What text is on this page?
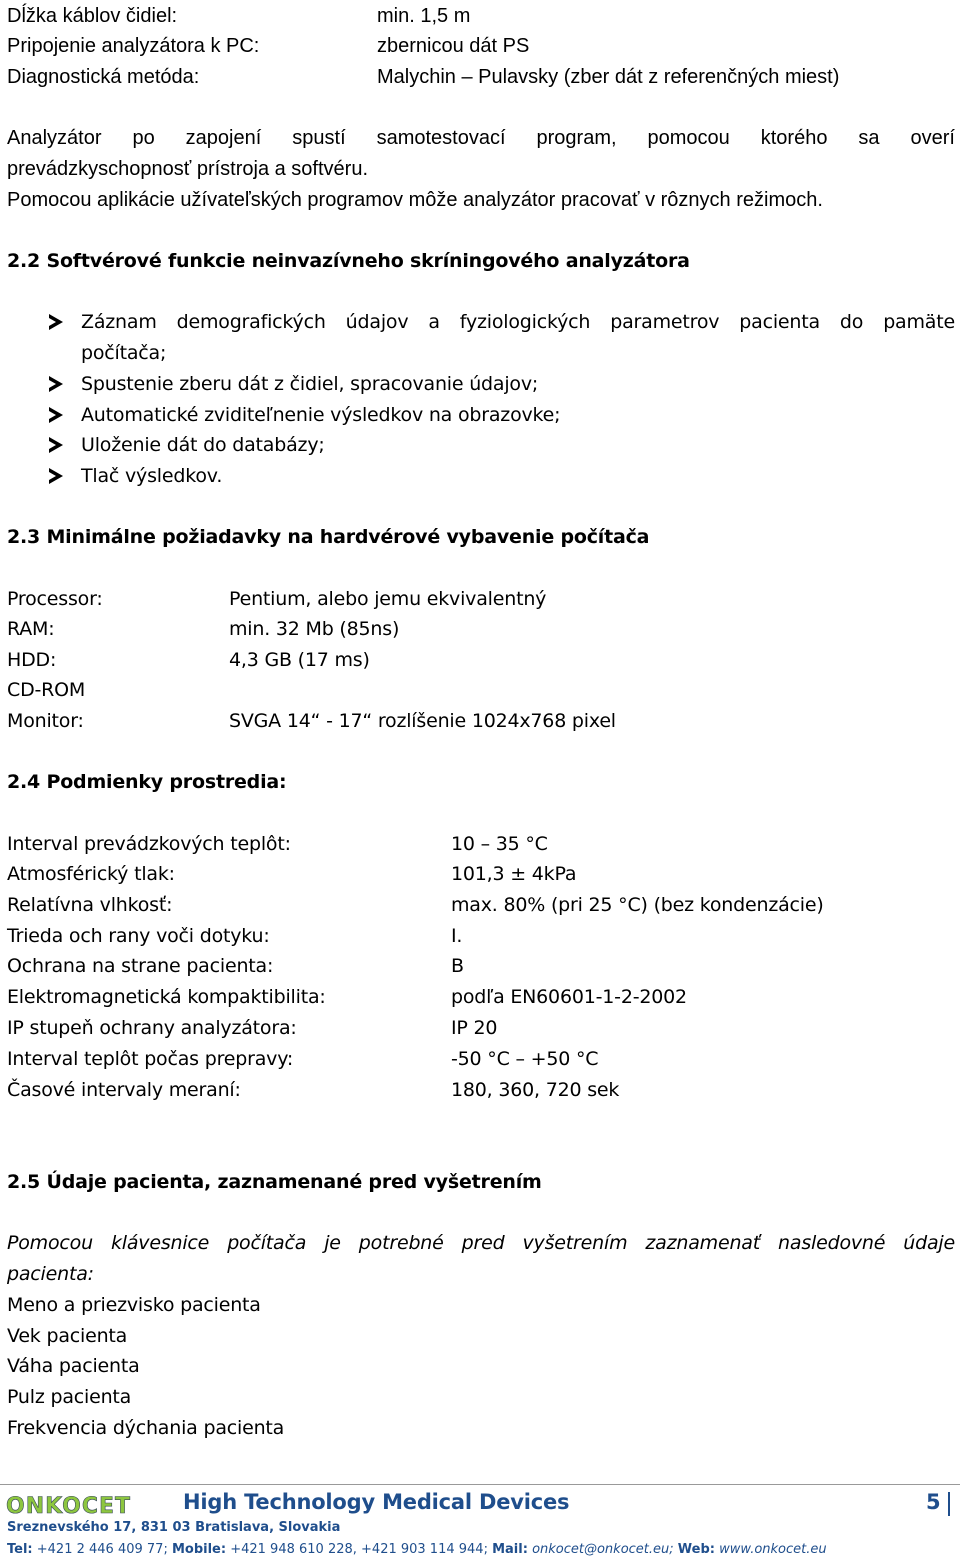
Dĺžka káblov čidiel:	min. 1,5 m
Pripojenie analyzátora k PC:	zbernicou dát PS
Diagnostická metóda:	Malychin – Pulavsky (zber dát z referenčných miest)
Analyzátor po zapojení spustí samotestovací program, pomocou ktorého sa overí
prevádzkyschopnosť prístroja a softvéru.
Pomocou aplikácie užívateľských programov môže analyzátor pracovať v rôznych režimoch.
2.2 Softvérové funkcie neinvazívneho skríningového analyzátora
Záznam demografických údajov a fyziologických parametrov pacienta do pamäte
počítača;
Spustenie zberu dát z čidiel, spracovanie údajov;
Automatické zviditeľnenie výsledkov na obrazovke;
Uloženie dát do databázy;
Tlač výsledkov.
2.3 Minimálne požiadavky na hardvérové vybavenie počítača
Processor:	Pentium, alebo jemu ekvivalentný
RAM:	min. 32 Mb (85ns)
HDD:	4,3 GB (17 ms)
CD-ROM
Monitor:	SVGA 14“ - 17“ rozlíšenie 1024x768 pixel
2.4 Podmienky prostredia:
Interval prevádzkových teplôt:	10 – 35 °C
Atmosférický tlak:	101,3 ± 4kPa
Relatívna vlhkosť:	max. 80% (pri 25 °C) (bez kondenzácie)
Trieda och rany voči dotyku:	I.
Ochrana na strane pacienta:	B
Elektromagnetická kompaktibilita:	podľa EN60601-1-2-2002
IP stupeň ochrany analyzátora:	IP 20
Interval teplôt počas prepravy:	-50 °C – +50 °C
Časové intervaly meraní:	180, 360, 720 sek
2.5 Údaje pacienta, zaznamenané pred vyšetrením
Pomocou klávesnice počítača je potrebné pred vyšetrením zaznamenať nasledovné údaje
pacienta:
Meno a priezvisko pacienta
Vek pacienta
Váha pacienta
Pulz pacienta
Frekvencia dýchania pacienta
ONKOCET High Technology Medical Devices	5
Sreznevského 17, 831 03 Bratislava, Slovakia
Tel: +421 2 446 409 77; Mobile: +421 948 610 228, +421 903 114 944; Mail: onkocet@onkocet.eu; Web: www.onkocet.eu
